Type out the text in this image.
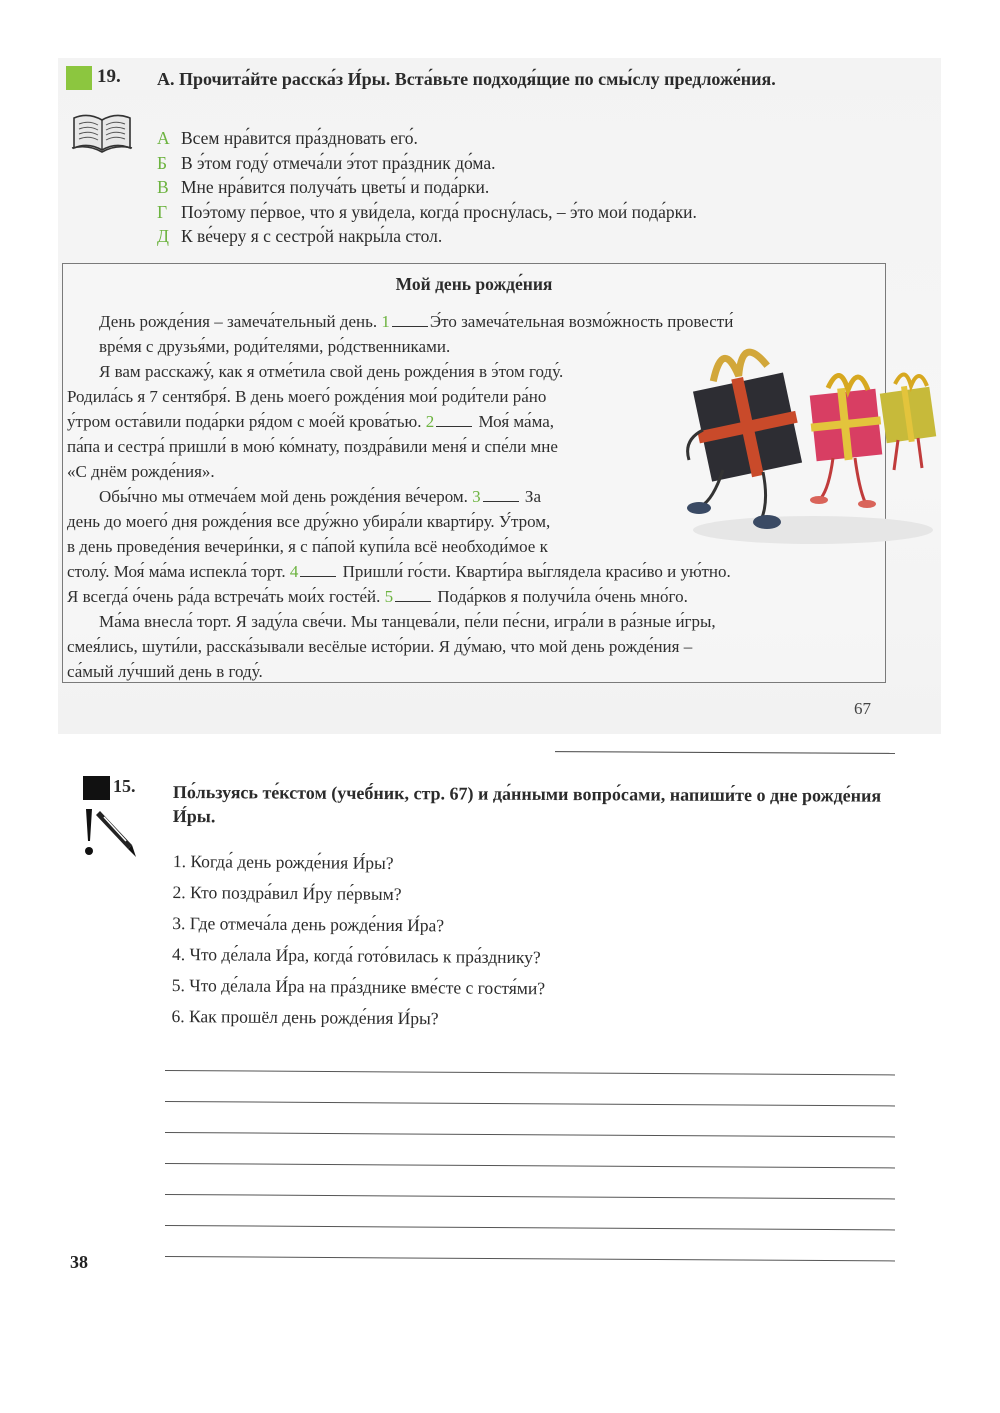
19. А. Прочита́йте расска́з И́ры. Вста́вьте подходя́щие по смы́слу предложе́ния.
А Всем нра́вится пра́здновать его́.
Б В э́том году́ отмеча́ли э́тот пра́здник до́ма.
В Мне нра́вится получа́ть цветы́ и пода́рки.
Г Поэ́тому пе́рвое, что я уви́дела, когда́ просну́лась, – э́то мои́ пода́рки.
Д К ве́черу я с сестро́й накры́ла стол.
Мой день рожде́ния
День рожде́ния – замеча́тельный день. 1 Э́то замеча́тельная возмо́жность провести́
вре́мя с друзья́ми, роди́телями, ро́дственниками.
Я вам расскажу́, как я отме́тила свой день рожде́ния в э́том году́.
Родила́сь я 7 сентября́. В день моего́ рожде́ния мои́ роди́тели ра́но
у́тром оста́вили пода́рки ря́дом с мое́й крова́тью. 2	Моя́ ма́ма,
па́па и сестра́ пришли́ в мою́ ко́мнату, поздра́вили меня́ и спе́ли мне
«С днём рожде́ния».
Обы́чно мы отмеча́ем мой день рожде́ния ве́чером. 3	За
день до моего́ дня рожде́ния все дру́жно убира́ли кварти́ру. У́тром,
в день проведе́ния вечери́нки, я с па́пой купи́ла всё необходи́мое к
столу́. Моя́ ма́ма испекла́ торт. 4	Пришли́ го́сти. Кварти́ра вы́глядела краси́во и ую́тно.
Я всегда́ о́чень ра́да встреча́ть мои́х госте́й. 5	Пода́рков я получи́ла о́чень мно́го.
Ма́ма внесла́ торт. Я заду́ла све́чи. Мы танцева́ли, пе́ли пе́сни, игра́ли в ра́зные и́гры,
смея́лись, шути́ли, расска́зывали весёлые исто́рии. Я ду́маю, что мой день рожде́ния –
са́мый лу́чший день в году́.
67
15. По́льзуясь те́кстом (учеб́ник, стр. 67) и да́нными вопро́сами, напиши́те о дне рожде́ния И́ры.
1. Когда́ день рожде́ния И́ры?
2. Кто поздра́вил И́ру пе́рвым?
3. Где отмеча́ла день рожде́ния И́ра?
4. Что де́лала И́ра, когда́ гото́вилась к пра́зднику?
5. Что де́лала И́ра на пра́зднике вме́сте с гостя́ми?
6. Как прошёл день рожде́ния И́ры?
38
